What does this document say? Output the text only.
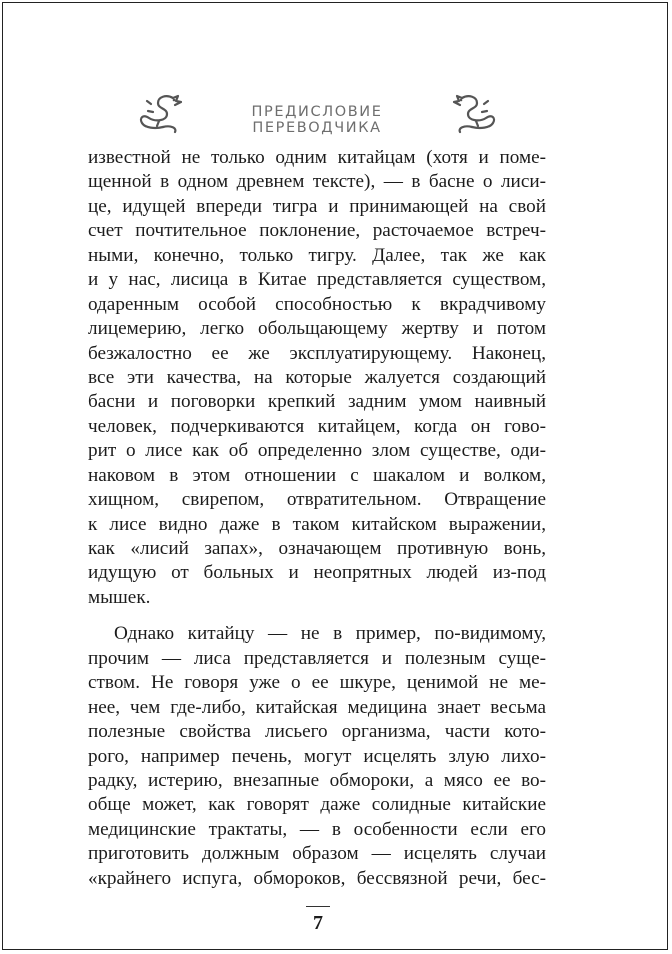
ПРЕДИСЛОВИЕ ПЕРЕВОДЧИКА
известной не только одним китайцам (хотя и поме-
щенной в одном древнем тексте), — в басне о лиси-
це, идущей впереди тигра и принимающей на свой
счет почтительное поклонение, расточаемое встреч-
ными, конечно, только тигру. Далее, так же как
и у нас, лисица в Китае представляется существом,
одаренным особой способностью к вкрадчивому
лицемерию, легко обольщающему жертву и потом
безжалостно ее же эксплуатирующему. Наконец,
все эти качества, на которые жалуется создающий
басни и поговорки крепкий задним умом наивный
человек, подчеркиваются китайцем, когда он гово-
рит о лисе как об определенно злом существе, оди-
наковом в этом отношении с шакалом и волком,
хищном, свирепом, отвратительном. Отвращение
к лисе видно даже в таком китайском выражении,
как «лисий запах», означающем противную вонь,
идущую от больных и неопрятных людей из-под
мышек.
Однако китайцу — не в пример, по-видимому,
прочим — лиса представляется и полезным суще-
ством. Не говоря уже о ее шкуре, ценимой не ме-
нее, чем где-либо, китайская медицина знает весьма
полезные свойства лисьего организма, части кото-
рого, например печень, могут исцелять злую лихо-
радку, истерию, внезапные обмороки, а мясо ее во-
обще может, как говорят даже солидные китайские
медицинские трактаты, — в особенности если его
приготовить должным образом — исцелять случаи
«крайнего испуга, обмороков, бессвязной речи, бес-
7
